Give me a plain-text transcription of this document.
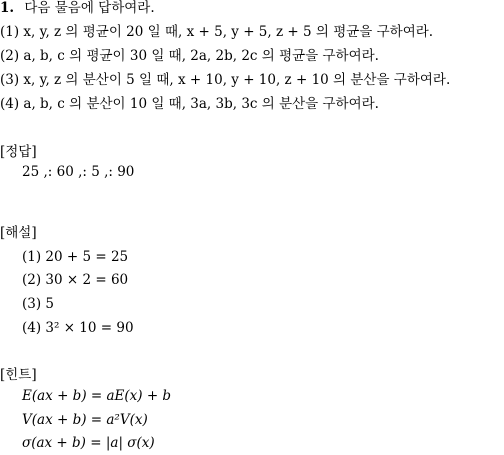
1. 다음 물음에 답하여라.
(1) x, y, z 의 평균이 20 일 때, x + 5, y + 5, z + 5 의 평균을 구하여라.
(2) a, b, c 의 평균이 30 일 때, 2a, 2b, 2c 의 평균을 구하여라.
(3) x, y, z 의 분산이 5 일 때, x + 10, y + 10, z + 10 의 분산을 구하여라.
(4) a, b, c 의 분산이 10 일 때, 3a, 3b, 3c 의 분산을 구하여라.
[정답]
25 ,: 60 ,: 5 ,: 90
[해설]
(1) 20 + 5 = 25
(2) 30 × 2 = 60
(3) 5
(4) 3² × 10 = 90
[힌트]
E(ax + b) = aE(x) + b
V(ax + b) = a²V(x)
σ(ax + b) = |a| σ(x)
